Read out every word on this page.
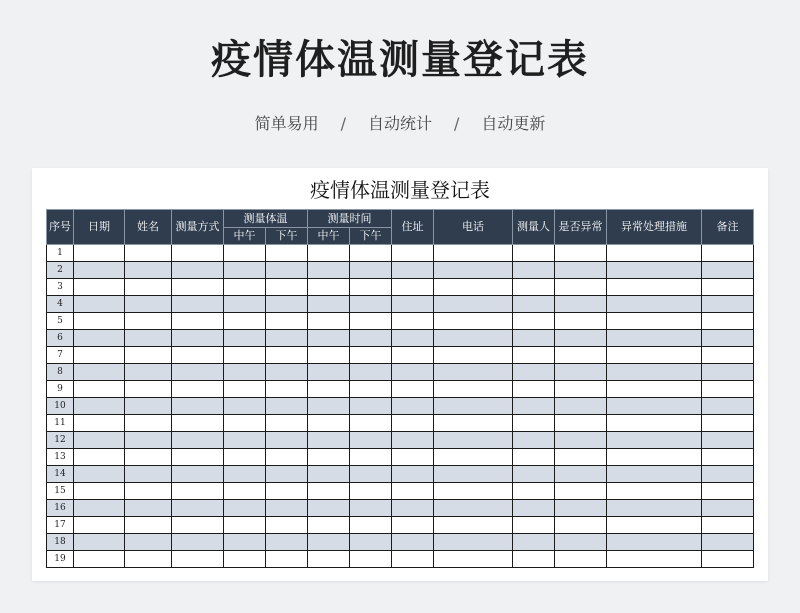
疫情体温测量登记表
简单易用 / 自动统计 / 自动更新
疫情体温测量登记表
序号	日期	姓名	测量方式	测量体温		测量时间		住址	电话	测量人	是否异常	异常处理措施	备注
				中午	下午	中午	下午						
1													
2													
3													
4													
5													
6													
7													
8													
9													
10													
11													
12													
13													
14													
15													
16													
17													
18													
19													
